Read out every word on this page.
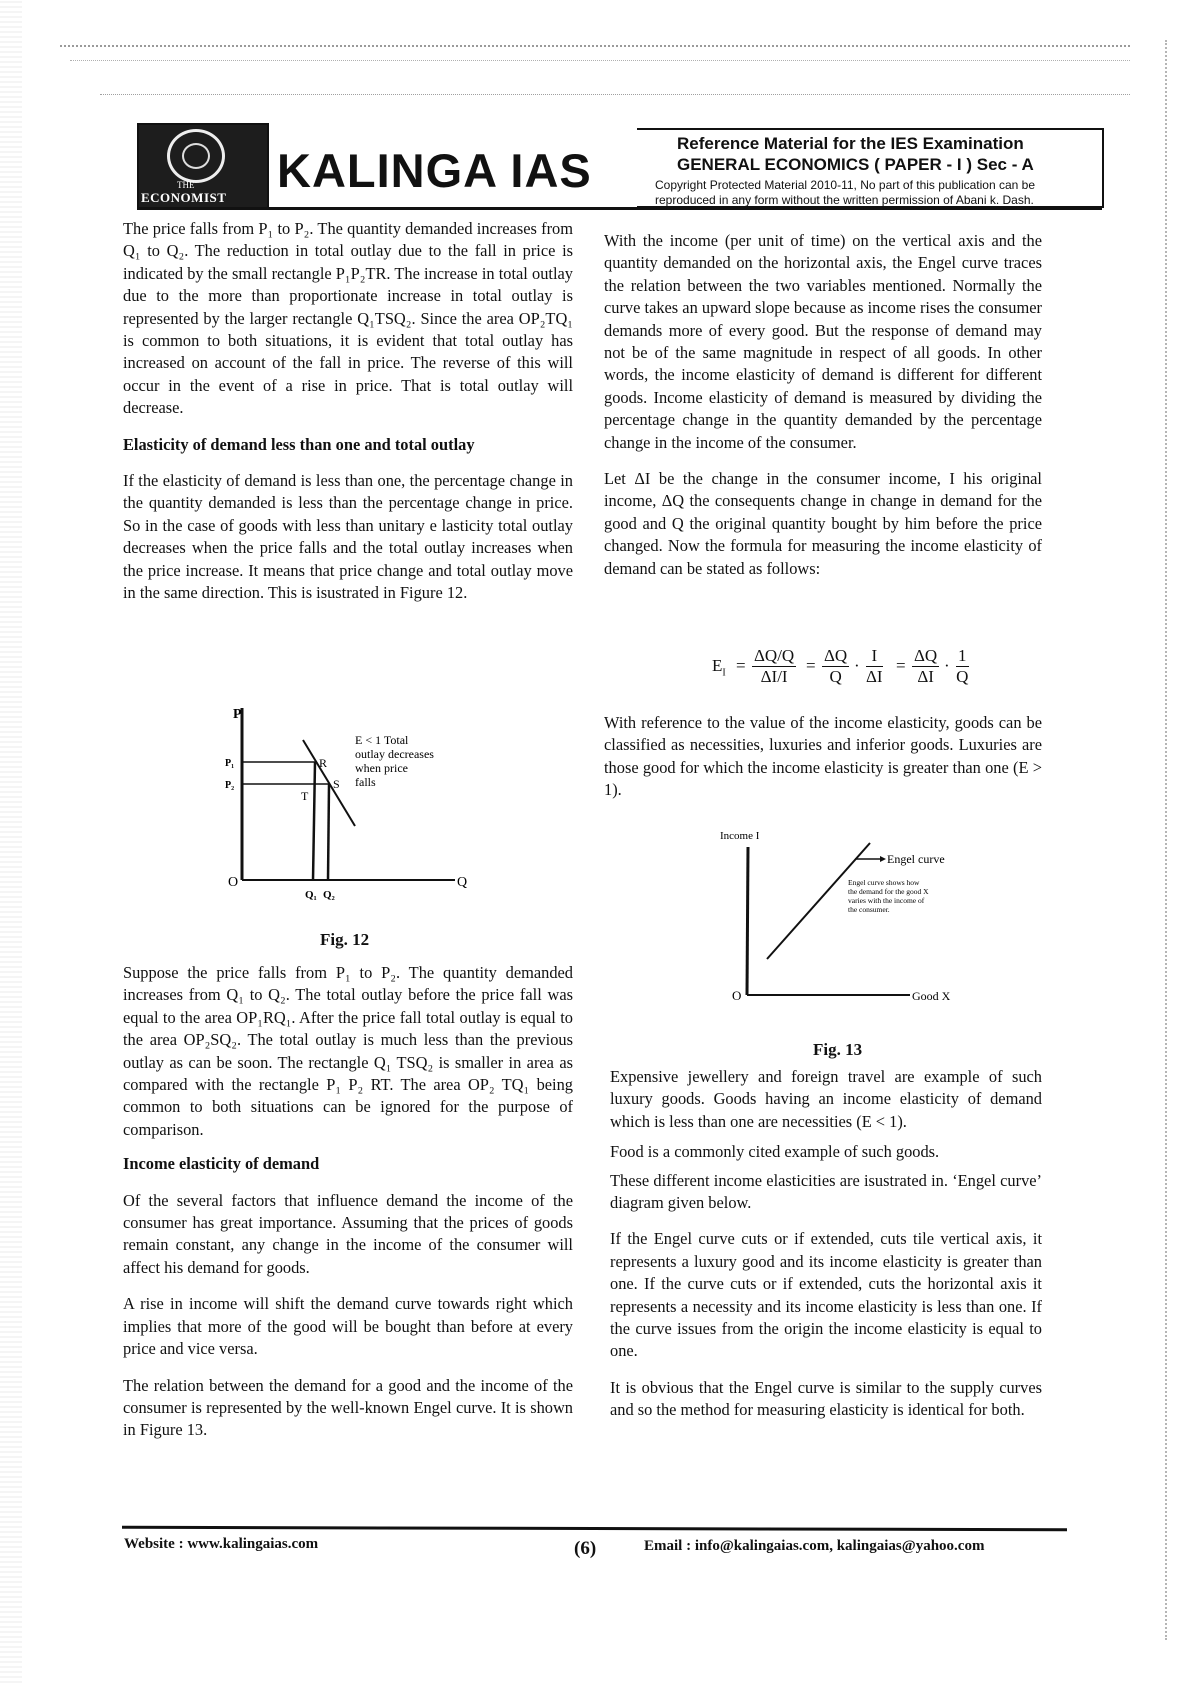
THE
ECONOMIST
KALINGA IAS
Reference Material for the IES Examination
GENERAL ECONOMICS ( PAPER - I ) Sec - A
Copyright Protected Material 2010-11, No part of this publication can be
reproduced in any form without the written permission of Abani k. Dash.

The price falls from P₁ to P₂. The quantity demanded increases from Q₁ to Q₂. The reduction in total outlay due to the fall in price is indicated by the small rectangle P₁P₂TR. The increase in total outlay due to the more than proportionate increase in total outlay is represented by the larger rectangle Q₁TSQ₂. Since the area OP₂TQ₁ is common to both situations, it is evident that total outlay has increased on account of the fall in price. The reverse of this will occur in the event of a rise in price. That is total outlay will decrease.

Elasticity of demand less than one and total outlay

If the elasticity of demand is less than one, the percentage change in the quantity demanded is less than the percentage change in price. So in the case of goods with less than unitary e lasticity total outlay decreases when the price falls and the total outlay increases when the price increase. It means that price change and total outlay move in the same direction. This is isustrated in Figure 12.

P
P₁
P₂
R
S
T
O	Q
Q₁ Q₂
E < 1 Total
outlay decreases
when price
falls
Fig. 12

Suppose the price falls from P₁ to P₂. The quantity demanded increases from Q₁ to Q₂. The total outlay before the price fall was equal to the area OP₁RQ₁. After the price fall total outlay is equal to the area OP₂SQ₂. The total outlay is much less than the previous outlay as can be soon. The rectangle Q₁ TSQ₂ is smaller in area as compared with the rectangle P₁ P₂ RT. The area OP₂ TQ₁ being common to both situations can be ignored for the purpose of comparison.

Income elasticity of demand

Of the several factors that influence demand the income of the consumer has great importance. Assuming that the prices of goods remain constant, any change in the income of the consumer will affect his demand for goods.

A rise in income will shift the demand curve towards right which implies that more of the good will be bought than before at every price and vice versa.

The relation between the demand for a good and the income of the consumer is represented by the well-known Engel curve. It is shown in Figure 13.

With the income (per unit of time) on the vertical axis and the quantity demanded on the horizontal axis, the Engel curve traces the relation between the two variables mentioned. Normally the curve takes an upward slope because as income rises the consumer demands more of every good. But the response of demand may not be of the same magnitude in respect of all goods. In other words, the income elasticity of demand is different for different goods. Income elasticity of demand is measured by dividing the percentage change in the quantity demanded by the percentage change in the income of the consumer.

Let ΔI be the change in the consumer income, I his original income, ΔQ the consequents change in change in demand for the good and Q the original quantity bought by him before the price changed. Now the formula for measuring the income elasticity of demand can be stated as follows:

$E_I$ =
ΔQ/Q
ΔI/I
=
ΔQ
Q
·
I
ΔI
=
ΔQ
ΔI
·
1
Q

With reference to the value of the income elasticity, goods can be classified as necessities, luxuries and inferior goods. Luxuries are those good for which the income elasticity is greater than one (E > 1).

Income I
Engel curve
Engel curve shows how
the demand for the good X
varies with the income of
the consumer.
O	Good X
Fig. 13

Expensive jewellery and foreign travel are example of such luxury goods. Goods having an income elasticity of demand which is less than one are necessities (E < 1).

Food is a commonly cited example of such goods.

These different income elasticities are isustrated in. ‘Engel curve’ diagram given below.

If the Engel curve cuts or if extended, cuts tile vertical axis, it represents a luxury good and its income elasticity is greater than one. If the curve cuts or if extended, cuts the horizontal axis it represents a necessity and its income elasticity is less than one. If the curve issues from the origin the income elasticity is equal to one.

It is obvious that the Engel curve is similar to the supply curves and so the method for measuring elasticity is identical for both.

Website : www.kalingaias.com	(6)	Email : info@kalingaias.com, kalingaias@yahoo.com
